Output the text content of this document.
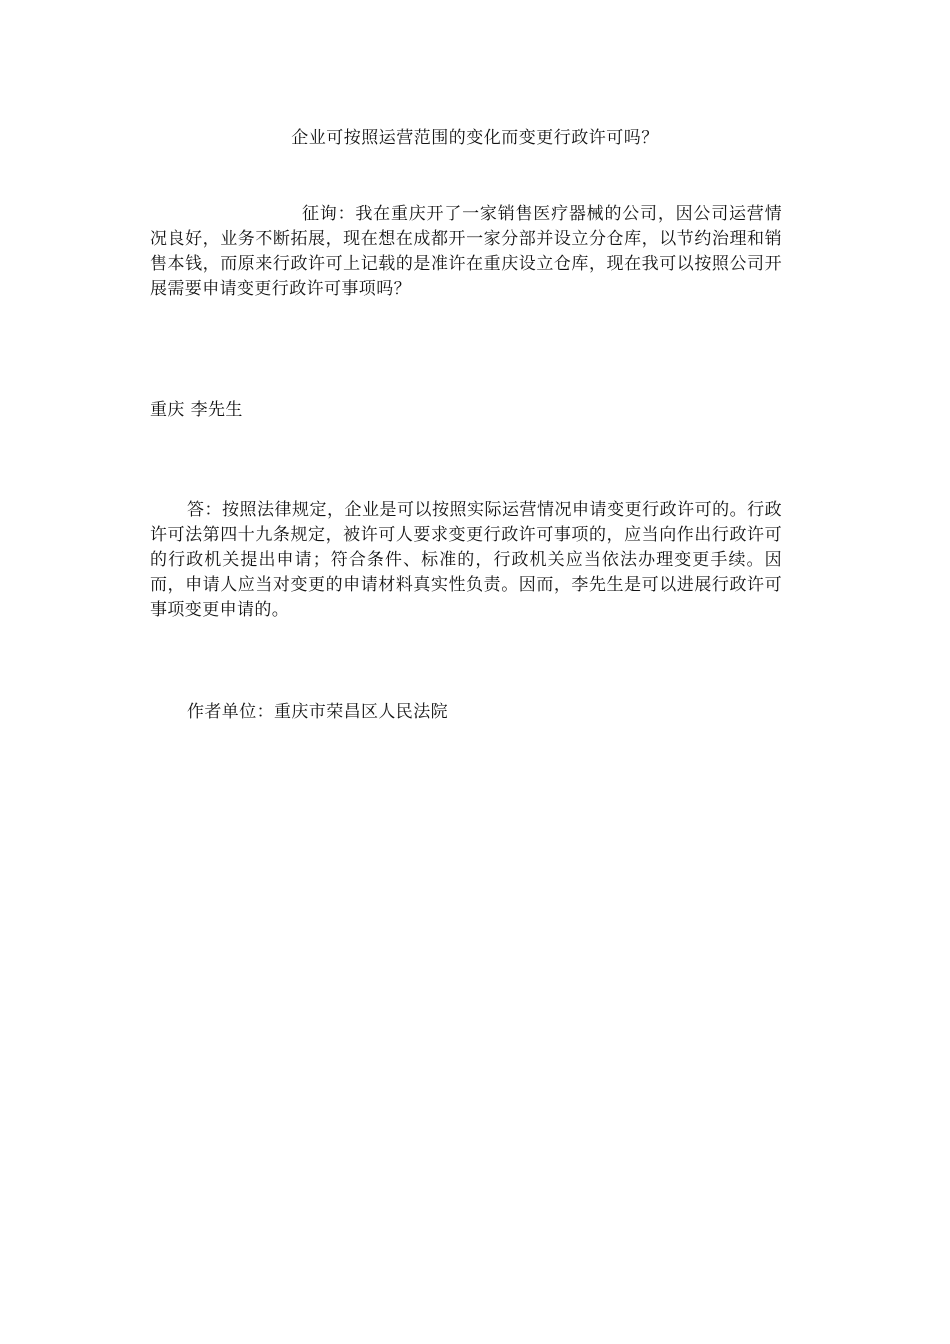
企业可按照运营范围的变化而变更行政许可吗？

征询：我在重庆开了一家销售医疗器械的公司，因公司运营情况良好，业务不断拓展，现在想在成都开一家分部并设立分仓库，以节约治理和销售本钱，而原来行政许可上记载的是准许在重庆设立仓库，现在我可以按照公司开展需要申请变更行政许可事项吗？

重庆 李先生

答：按照法律规定，企业是可以按照实际运营情况申请变更行政许可的。行政许可法第四十九条规定，被许可人要求变更行政许可事项的，应当向作出行政许可的行政机关提出申请；符合条件、标准的，行政机关应当依法办理变更手续。因而，申请人应当对变更的申请材料真实性负责。因而，李先生是可以进展行政许可事项变更申请的。

作者单位：重庆市荣昌区人民法院
